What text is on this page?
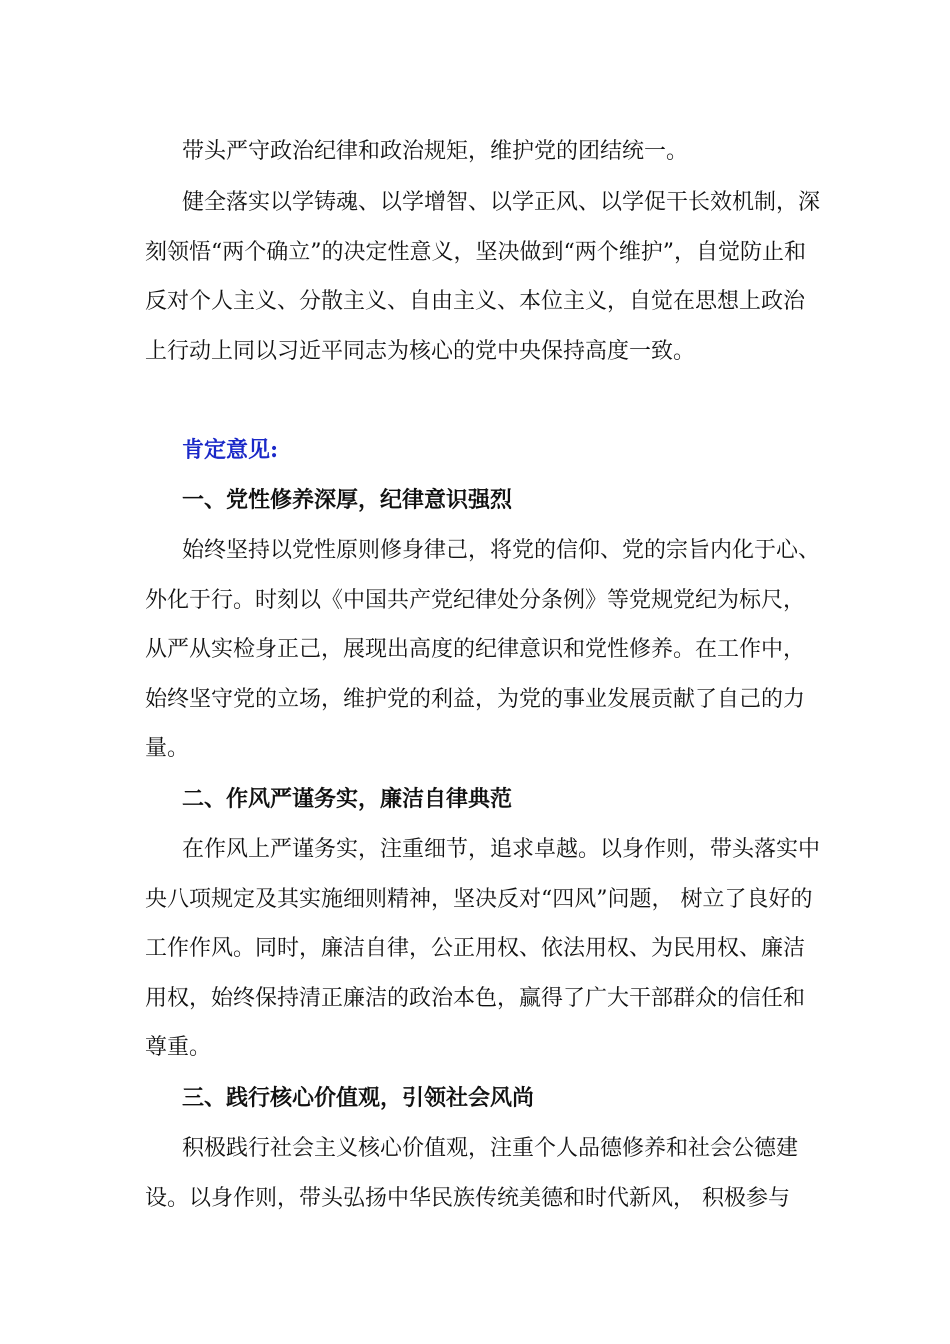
带头严守政治纪律和政治规矩，维护党的团结统一。

健全落实以学铸魂、以学增智、以学正风、以学促干长效机制，深刻领悟“两个确立”的决定性意义，坚决做到“两个维护”，自觉防止和反对个人主义、分散主义、自由主义、本位主义，自觉在思想上政治上行动上同以习近平同志为核心的党中央保持高度一致。

肯定意见:

一、党性修养深厚，纪律意识强烈

始终坚持以党性原则修身律己，将党的信仰、党的宗旨内化于心、外化于行。时刻以《中国共产党纪律处分条例》等党规党纪为标尺，从严从实检身正己，展现出高度的纪律意识和党性修养。在工作中，始终坚守党的立场，维护党的利益，为党的事业发展贡献了自己的力量。

二、作风严谨务实，廉洁自律典范

在作风上严谨务实，注重细节，追求卓越。以身作则，带头落实中央八项规定及其实施细则精神，坚决反对“四风”问题， 树立了良好的工作作风。同时，廉洁自律，公正用权、依法用权、为民用权、廉洁用权，始终保持清正廉洁的政治本色，赢得了广大干部群众的信任和尊重。

三、践行核心价值观，引领社会风尚

积极践行社会主义核心价值观，注重个人品德修养和社会公德建设。以身作则，带头弘扬中华民族传统美德和时代新风， 积极参与
